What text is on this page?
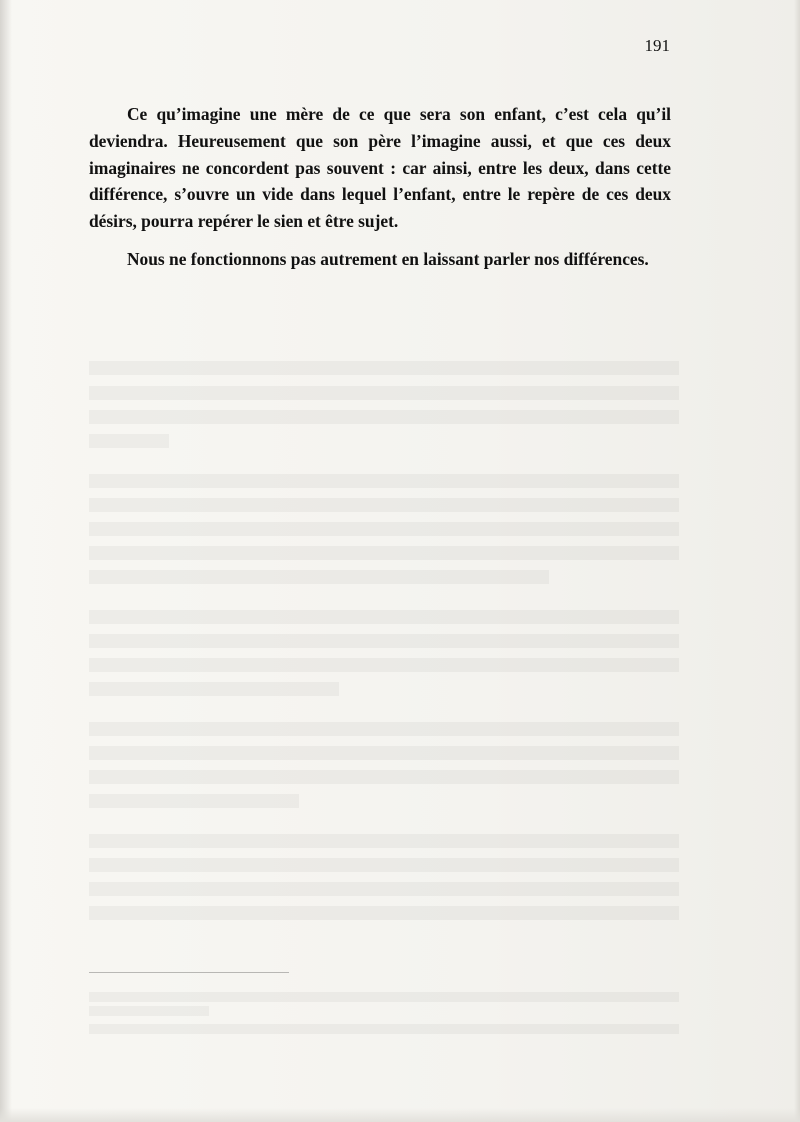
191

Ce qu’imagine une mère de ce que sera son enfant, c’est cela qu’il deviendra. Heureusement que son père l’imagine aussi, et que ces deux imaginaires ne concordent pas souvent : car ainsi, entre les deux, dans cette différence, s’ouvre un vide dans lequel l’enfant, entre le repère de ces deux désirs, pourra repérer le sien et être sujet.

Nous ne fonctionnons pas autrement en laissant parler nos différences.
